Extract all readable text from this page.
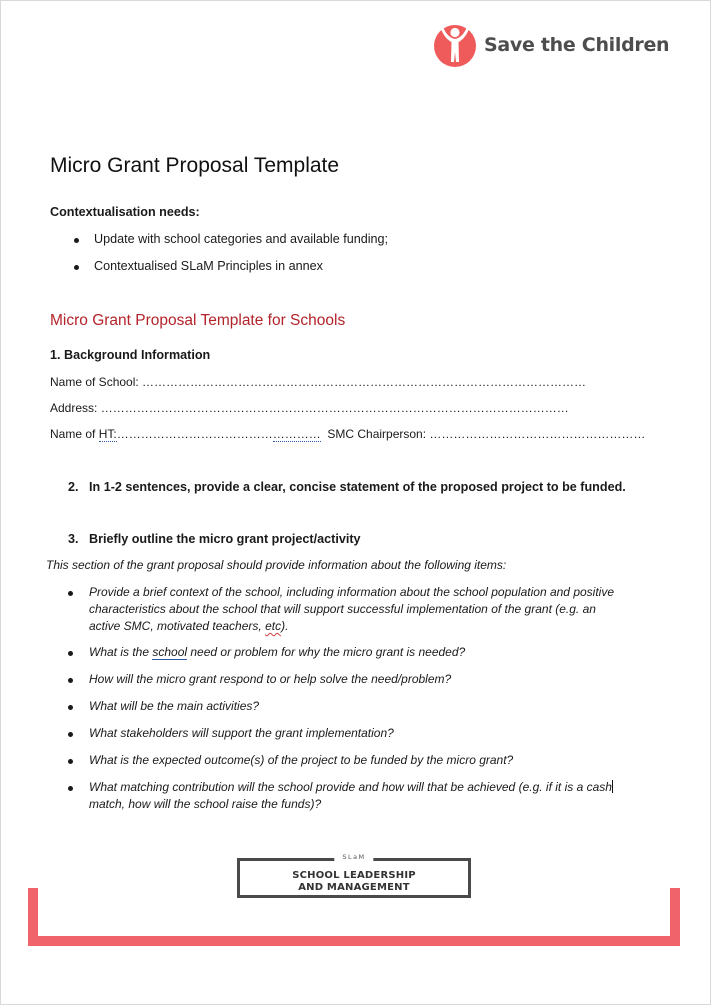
Save the Children
Micro Grant Proposal Template
Contextualisation needs:
Update with school categories and available funding;
Contextualised SLaM Principles in annex
Micro Grant Proposal Template for Schools
1. Background Information
Name of School: …………………………………………………………………………………………………
Address: ………………………………………………………………………………………………………
Name of HT:…………………………………………… SMC Chairperson: ………………………………………………
2. In 1-2 sentences, provide a clear, concise statement of the proposed project to be funded.
3. Briefly outline the micro grant project/activity
This section of the grant proposal should provide information about the following items:
Provide a brief context of the school, including information about the school population and positive
characteristics about the school that will support successful implementation of the grant (e.g. an
active SMC, motivated teachers, etc).
What is the school need or problem for why the micro grant is needed?
How will the micro grant respond to or help solve the need/problem?
What will be the main activities?
What stakeholders will support the grant implementation?
What is the expected outcome(s) of the project to be funded by the micro grant?
What matching contribution will the school provide and how will that be achieved (e.g. if it is a cash
match, how will the school raise the funds)?
SLaM
SCHOOL LEADERSHIP
AND MANAGEMENT
